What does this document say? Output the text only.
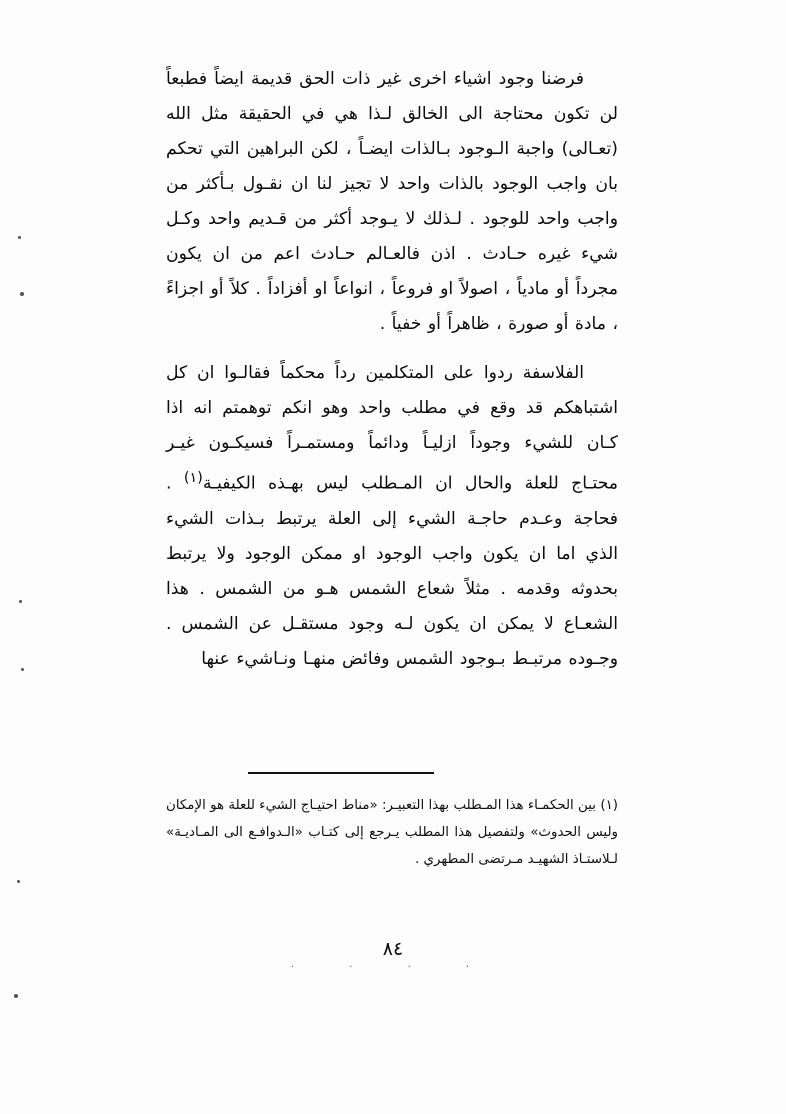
فرضنا وجود اشياء اخرى غير ذات الحق قديمة ايضاً فطبعاً لن تكون محتاجة الى الخالق لـذا هي في الحقيقة مثل الله (تعـالى) واجبة الـوجود بـالذات ايضـاً ، لكن البراهين التي تحكم بان واجب الوجود بالذات واحد لا تجيز لنا ان نقـول بـأكثر من واجب واحد للوجود . لـذلك لا يـوجد أكثر من قـديم واحد وكـل شيء غيره حـادث . اذن فالعـالم حـادث اعم من ان يكون مجرداً أو مادياً ، اصولاً او فروعاً ، انواعاً او أفزاداً . كلاً أو اجزاءً ، مادة أو صورة ، ظاهراً أو خفياً .

الفلاسفة ردوا على المتكلمين رداً محكماً فقالـوا ان كل اشتباهكم قد وقع في مطلب واحد وهو انكم توهمتم انه اذا كـان للشيء وجوداً ازليـاً ودائماً ومستمـراً فسيكـون غيـر محتـاج للعلة والحال ان المـطلب ليس بهـذه الكيفيـة$^{(١)}$ . فحاجة وعـدم حاجـة الشيء إلى العلة يرتبط بـذات الشيء الذي اما ان يكون واجب الوجود او ممكن الوجود ولا يرتبط بحدوثه وقدمه . مثلاً شعاع الشمس هـو من الشمس . هذا الشعـاع لا يمكن ان يكون لـه وجود مستقـل عن الشمس . وجـوده مرتبـط بـوجود الشمس وفائض منهـا ونـاشيء عنها

(١) بين الحكمـاء هذا المـطلب بهذا التعبيـر: «مناط احتيـاج الشيء للعلة هو الإمكان وليس الحدوث» ولتفصيل هذا المطلب يـرجع إلى كتـاب «الـدوافـع الى المـاديـة» لـلاستـاذ الشهيـد مـرتضى المطهري .

· · · ·
٨٤
